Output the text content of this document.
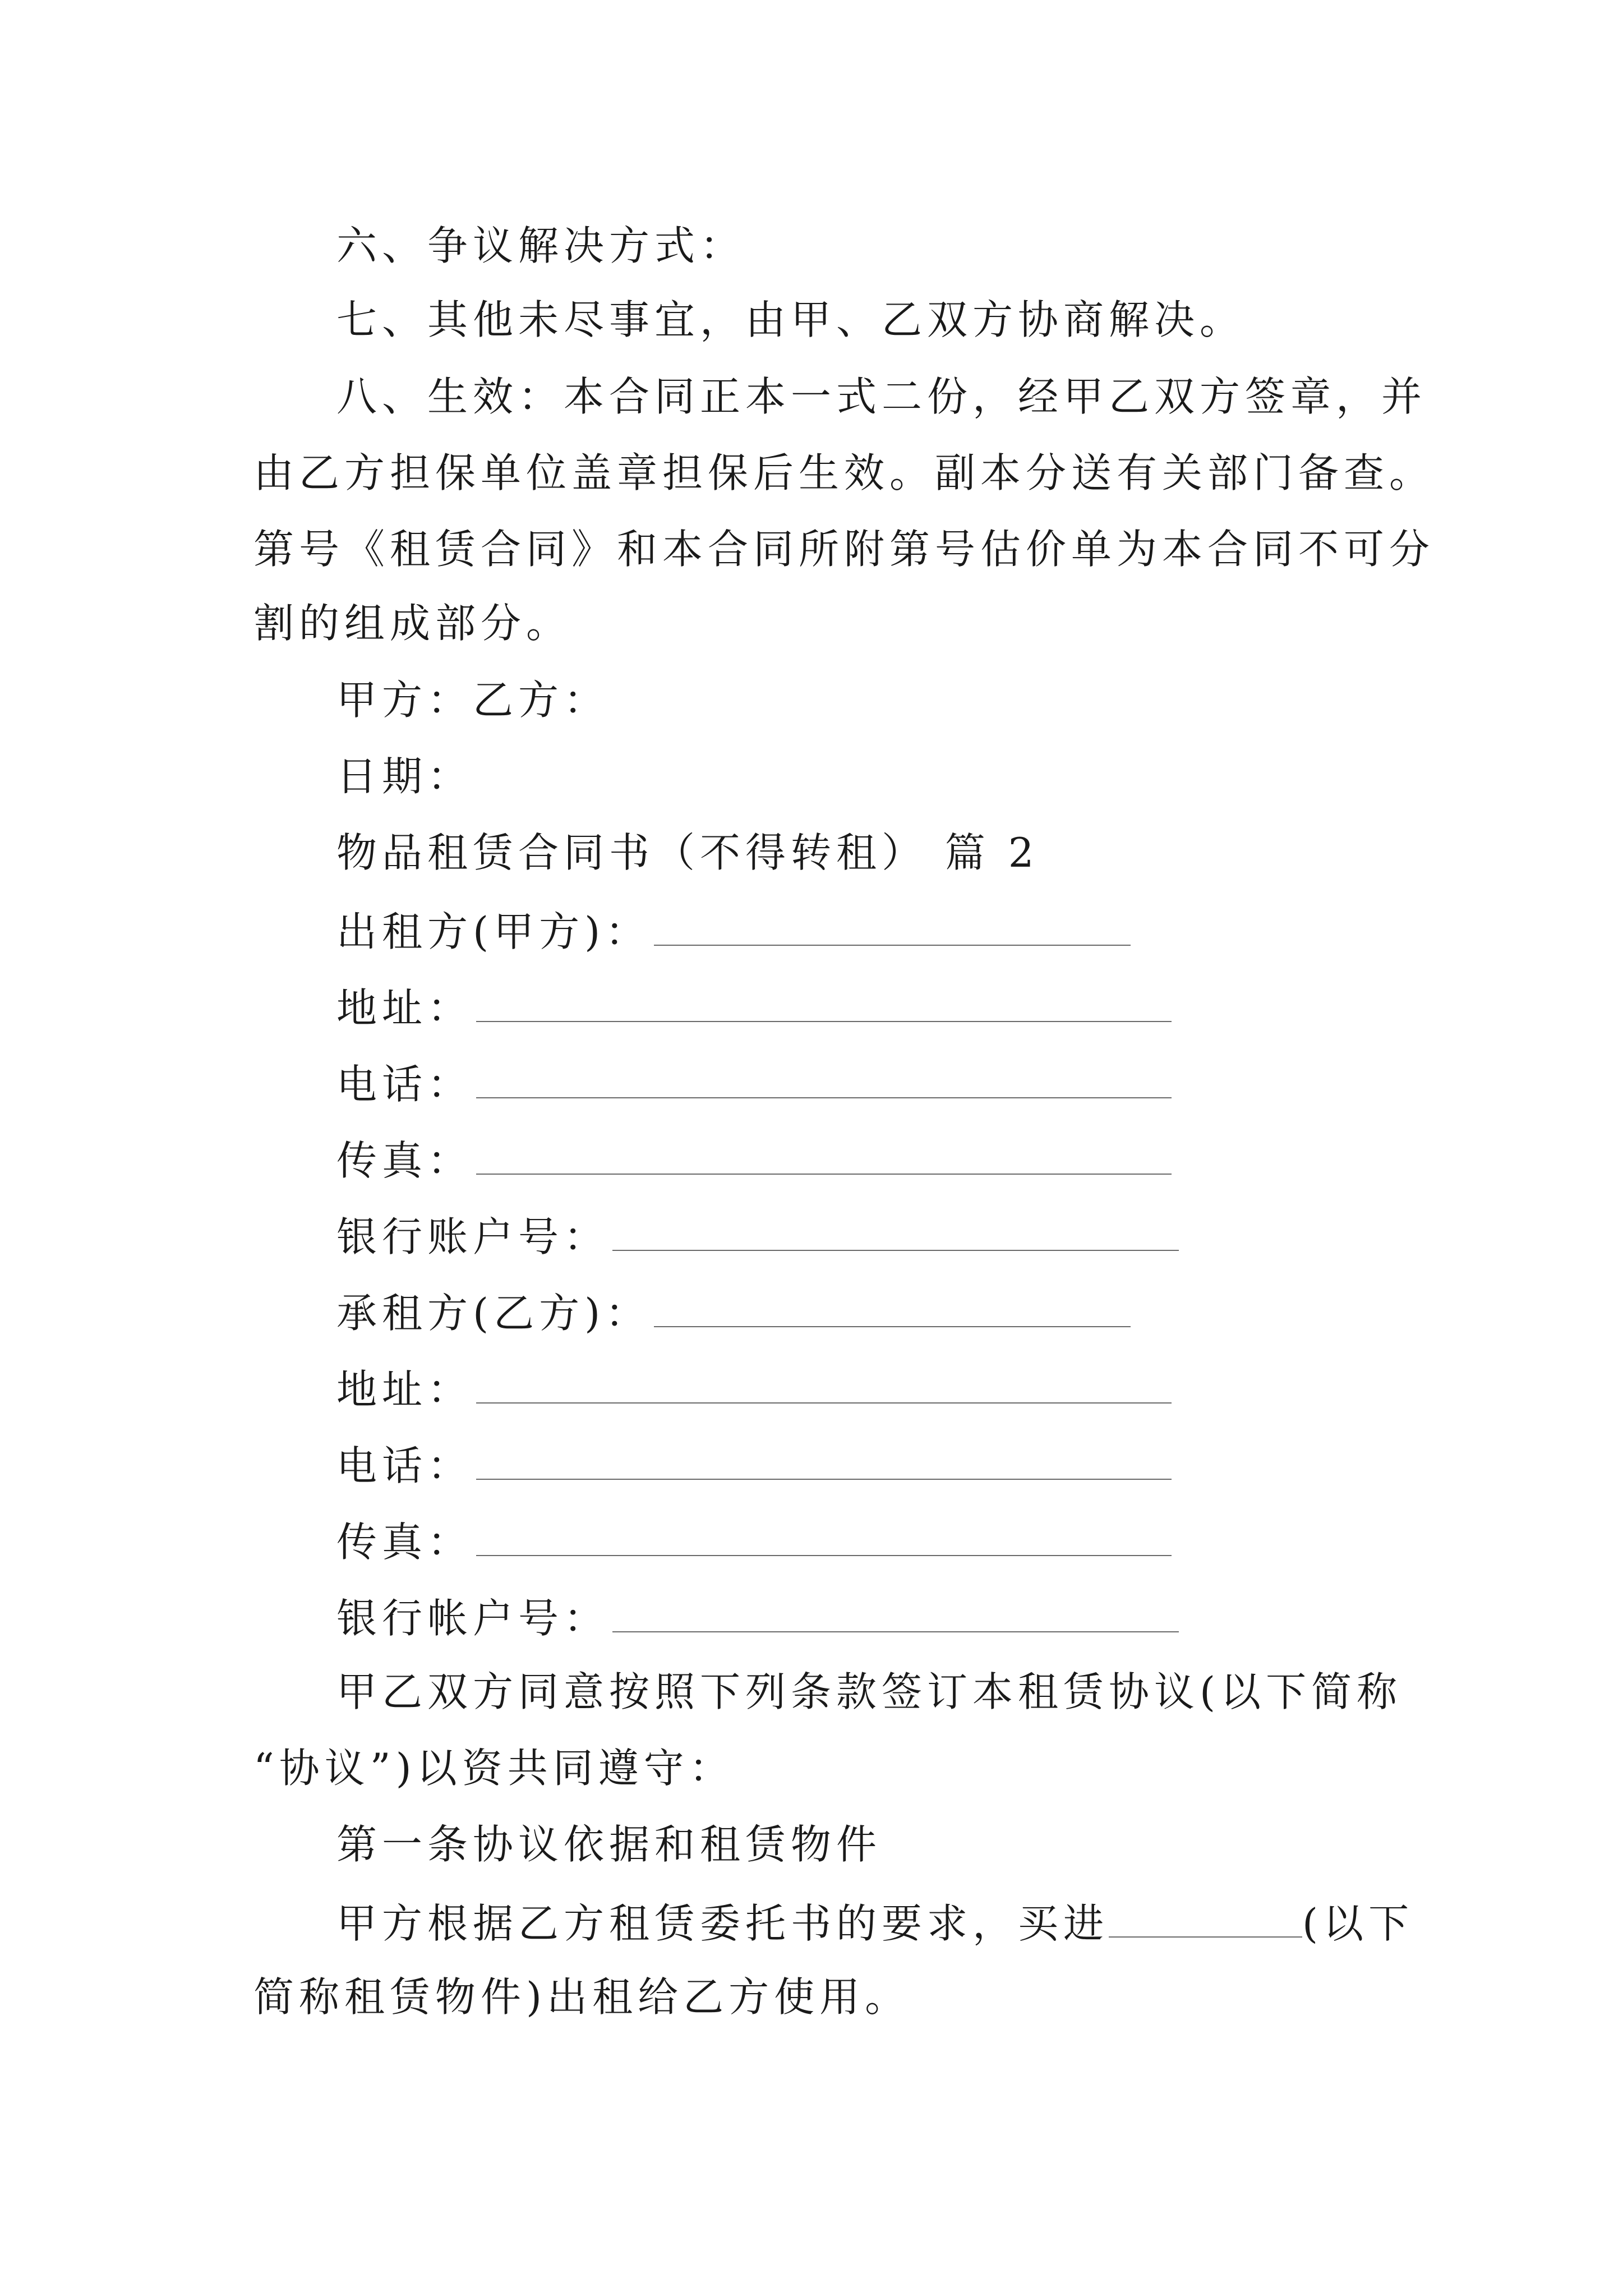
六、争议解决方式：
七、其他未尽事宜，由甲、乙双方协商解决。
八、生效：本合同正本一式二份，经甲乙双方签章，并
由乙方担保单位盖章担保后生效。副本分送有关部门备查。
第号《租赁合同》和本合同所附第号估价单为本合同不可分
割的组成部分。
甲方：乙方：
日期：
物品租赁合同书（不得转租） 篇 2
出租方(甲方)：
地址：
电话：
传真：
银行账户号：
承租方(乙方)：
地址：
电话：
传真：
银行帐户号：
甲乙双方同意按照下列条款签订本租赁协议(以下简称
“协议”)以资共同遵守：
第一条协议依据和租赁物件
甲方根据乙方租赁委托书的要求，买进	(以下
简称租赁物件)出租给乙方使用。
